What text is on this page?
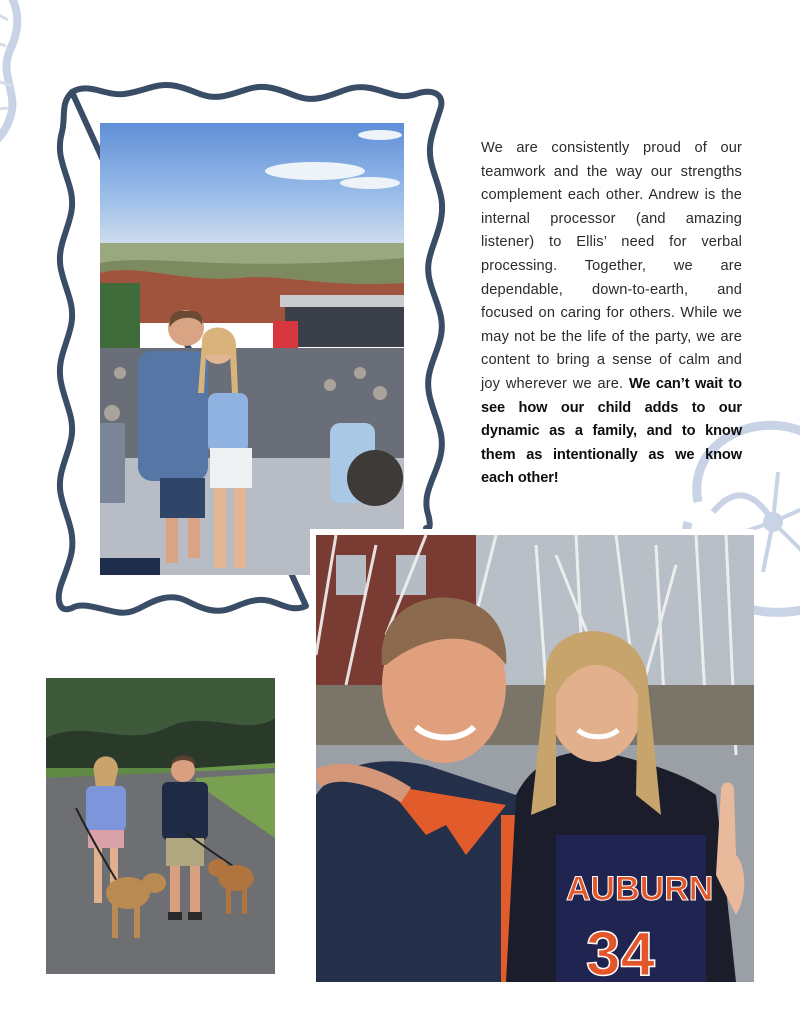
We are consistently proud of our teamwork and the way our strengths complement each other. Andrew is the internal processor (and amazing listener) to Ellis’ need for verbal processing. Together, we are dependable, down-to-earth, and focused on caring for others. While we may not be the life of the party, we are content to bring a sense of calm and joy wherever we are. We can’t wait to see how our child adds to our dynamic as a family, and to know them as intentionally as we know each other!
AUBURN
34
